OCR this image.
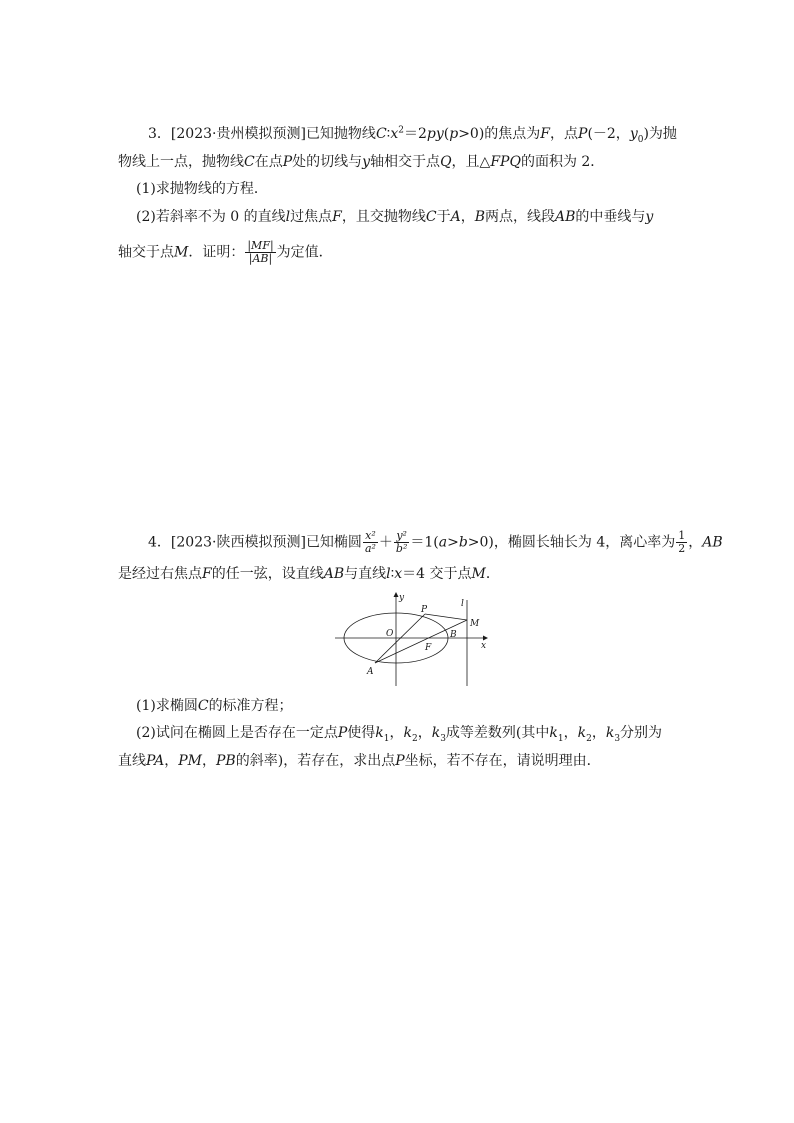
3．[2023·贵州模拟预测]已知抛物线$C∶x^2=2py(p>0)$的焦点为F，点P(－2，$y_0$)为抛
物线上一点，抛物线C在点P处的切线与y轴相交于点Q，且△FPQ的面积为 2．
(1)求抛物线的方程．
(2)若斜率不为 0 的直线l过焦点F，且交抛物线C于A，B两点，线段AB的中垂线与y
轴交于点M．证明： $\frac{|MF|}{|AB|}$ 为定值．
4．[2023·陕西模拟预测]已知椭圆 $\frac{\text{x²}}{\text{a²}} + \frac{\text{y²}}{\text{b²}} =1(a>b>0)$，椭圆长轴长为 4，离心率为 $\frac{1}{2}$ ，AB
是经过右焦点F的任一弦，设直线AB与直线l∶x＝4 交于点M．
y
l
P
M
O	B
F	x
A
(1)求椭圆C的标准方程；
(2)试问在椭圆上是否存在一定点P使得$k_1$，$k_2$，$k_3$成等差数列(其中$k_1$，$k_2$，$k_3$分别为
直线PA，PM，PB的斜率)，若存在，求出点P坐标，若不存在，请说明理由．
